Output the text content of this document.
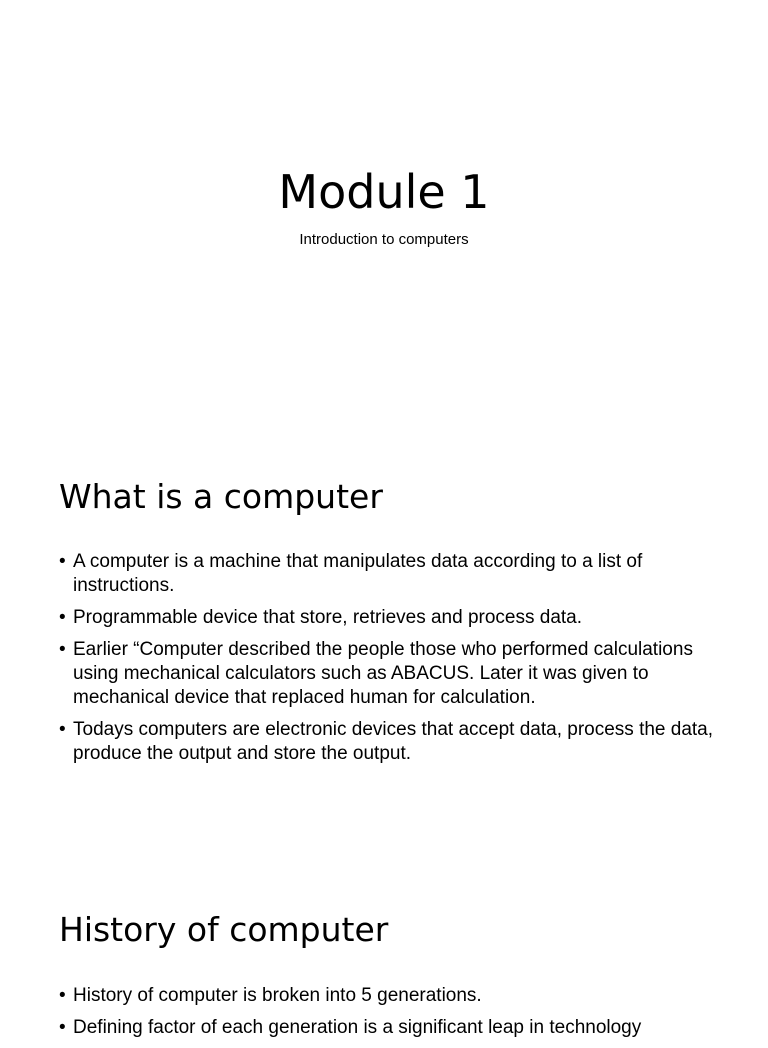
Module 1

Introduction to computers

What is a computer
• A computer is a machine that manipulates data according to a list of instructions.
• Programmable device that store, retrieves and process data.
• Earlier “Computer described the people those who performed calculations using mechanical calculators such as ABACUS. Later it was given to mechanical device that replaced human for calculation.
• Todays computers are electronic devices that accept data, process the data, produce the output and store the output.
History of computer
• History of computer is broken into 5 generations.
• Defining factor of each generation is a significant leap in technology
